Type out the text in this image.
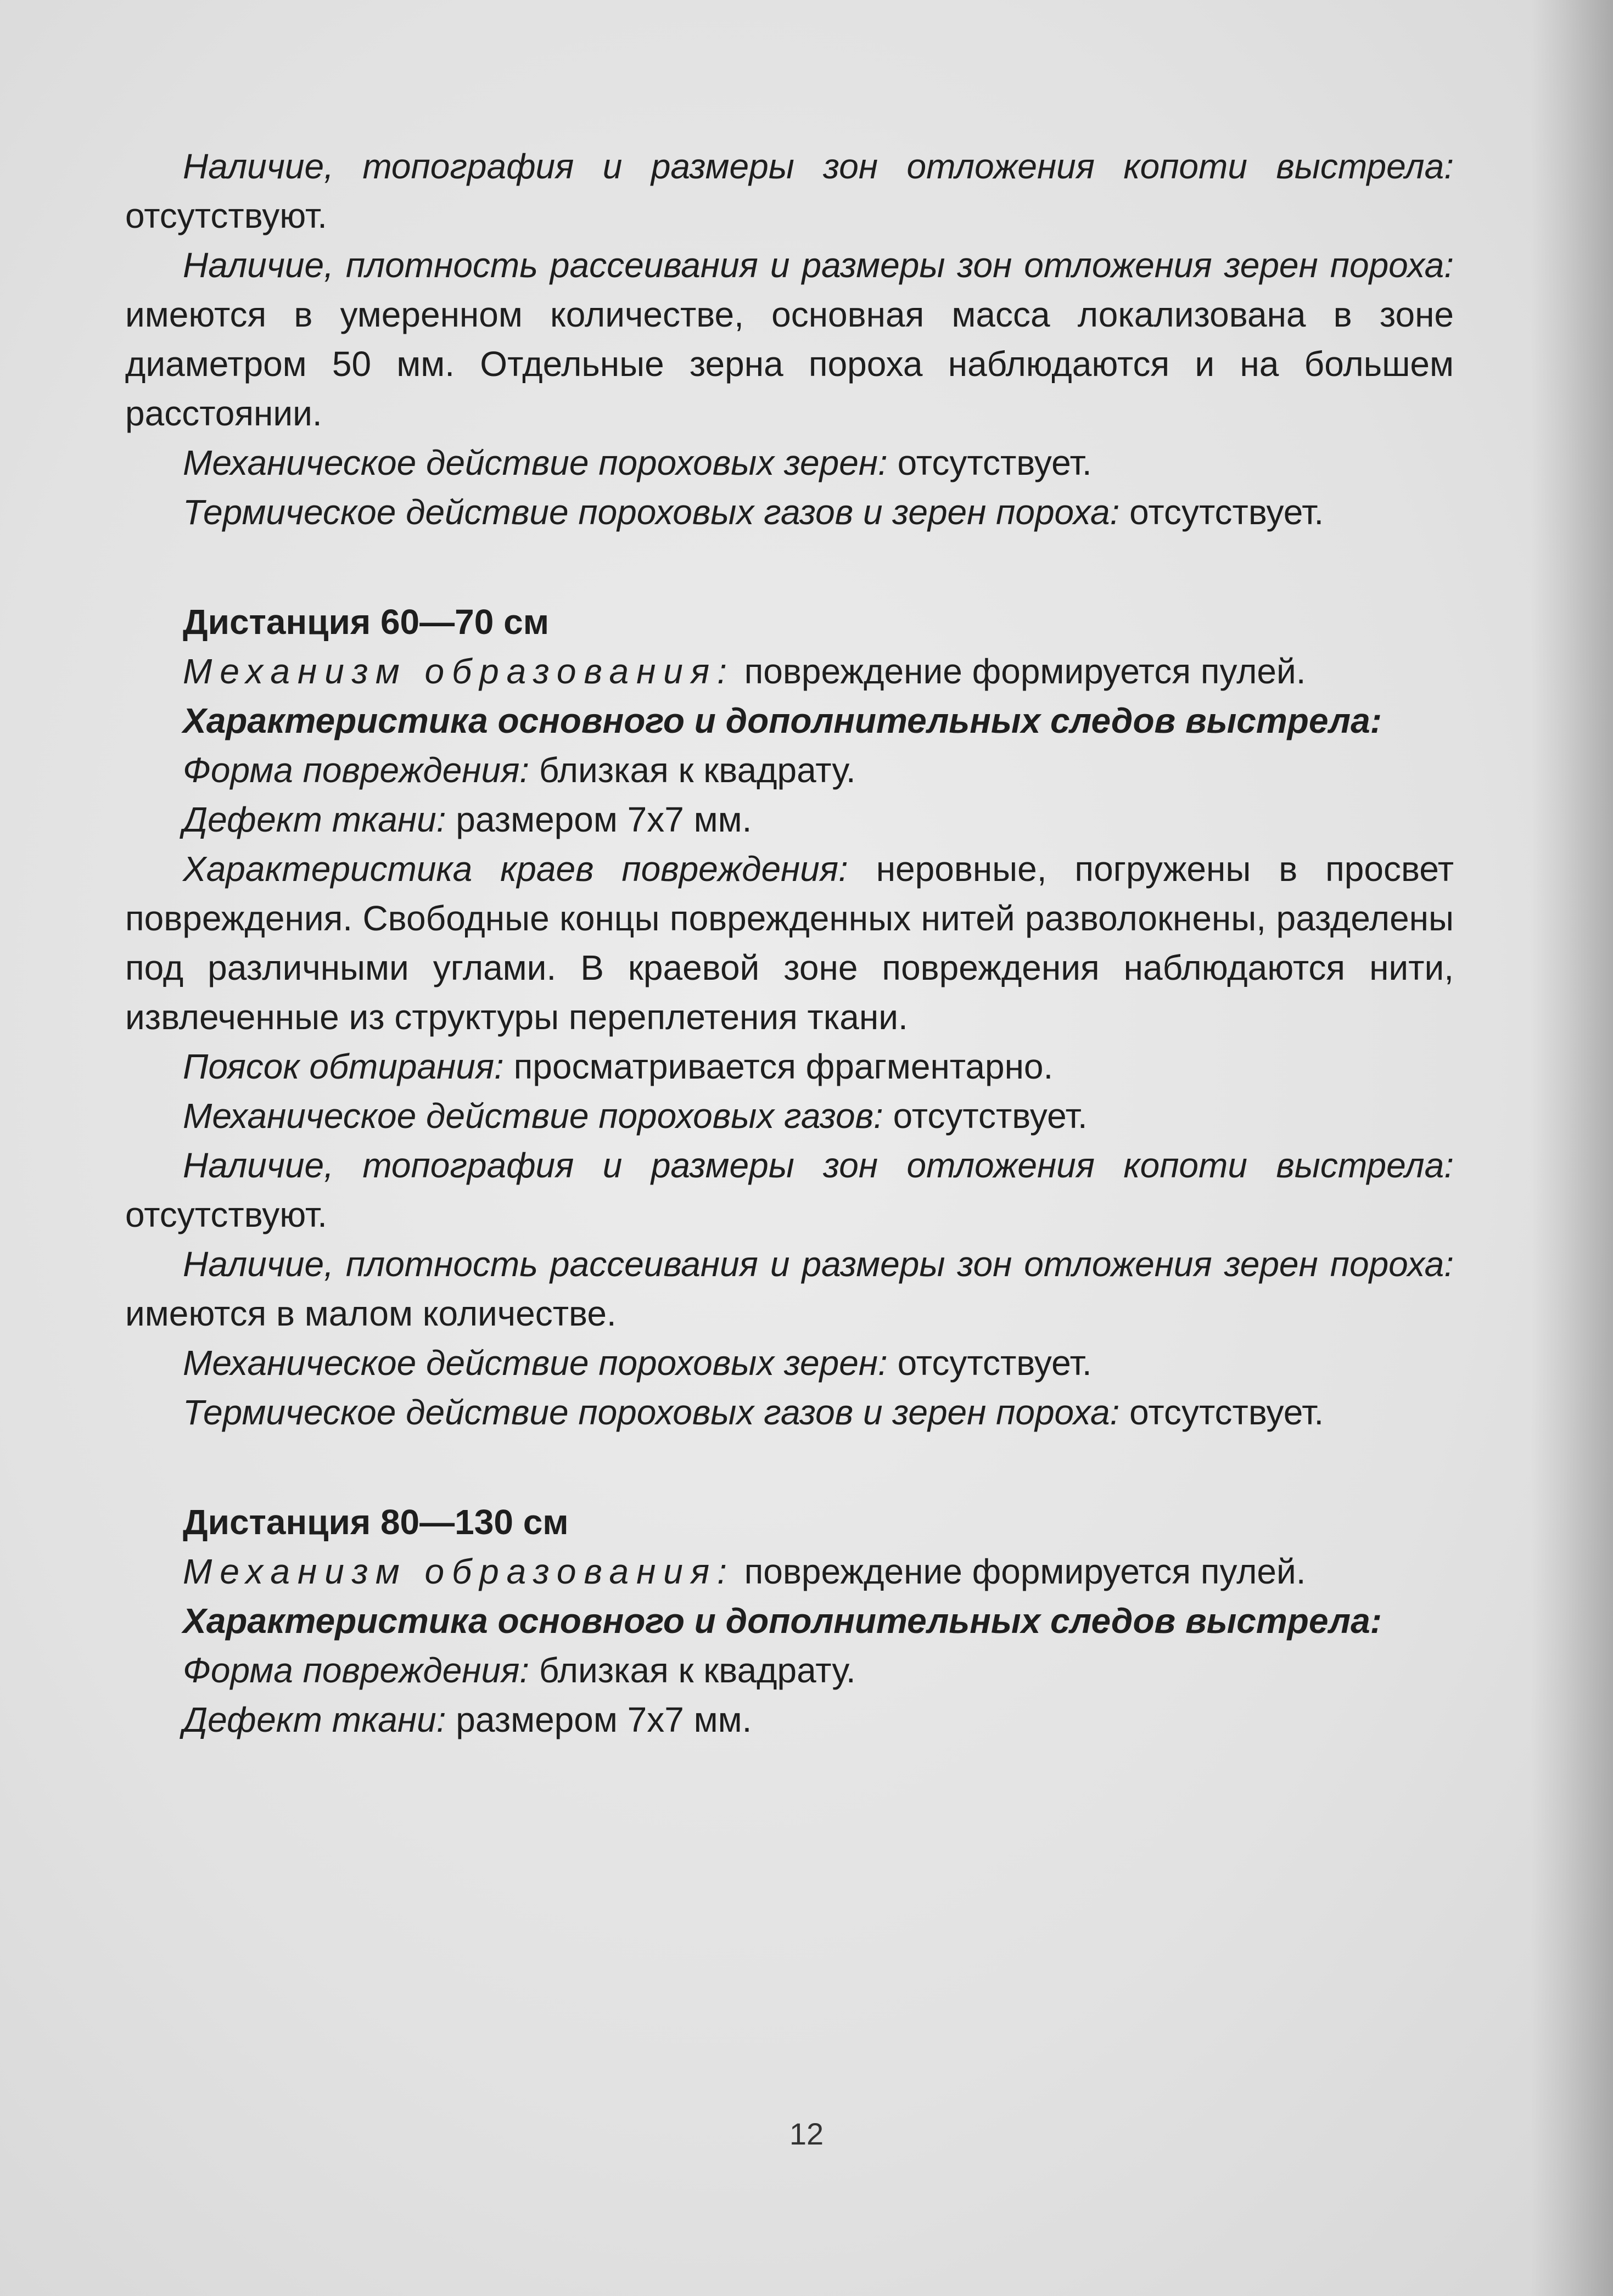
Наличие, топография и размеры зон отложения копоти выстрела: отсутствуют.

Наличие, плотность рассеивания и размеры зон отложения зерен пороха: имеются в умеренном количестве, основная масса локализована в зоне диаметром 50 мм. Отдельные зерна пороха наблюдаются и на большем расстоянии.

Механическое действие пороховых зерен: отсутствует.

Термическое действие пороховых газов и зерен пороха: отсутствует.

Дистанция 60—70 см

Механизм образования: повреждение формируется пулей.

Характеристика основного и дополнительных следов выстрела:

Форма повреждения: близкая к квадрату.

Дефект ткани: размером 7х7 мм.

Характеристика краев повреждения: неровные, погружены в просвет повреждения. Свободные концы поврежденных нитей разволокнены, разделены под различными углами. В краевой зоне повреждения наблюдаются нити, извлеченные из структуры переплетения ткани.

Поясок обтирания: просматривается фрагментарно.

Механическое действие пороховых газов: отсутствует.

Наличие, топография и размеры зон отложения копоти выстрела: отсутствуют.

Наличие, плотность рассеивания и размеры зон отложения зерен пороха: имеются в малом количестве.

Механическое действие пороховых зерен: отсутствует.

Термическое действие пороховых газов и зерен пороха: отсутствует.

Дистанция 80—130 см

Механизм образования: повреждение формируется пулей.

Характеристика основного и дополнительных следов выстрела:

Форма повреждения: близкая к квадрату.

Дефект ткани: размером 7х7 мм.

12
